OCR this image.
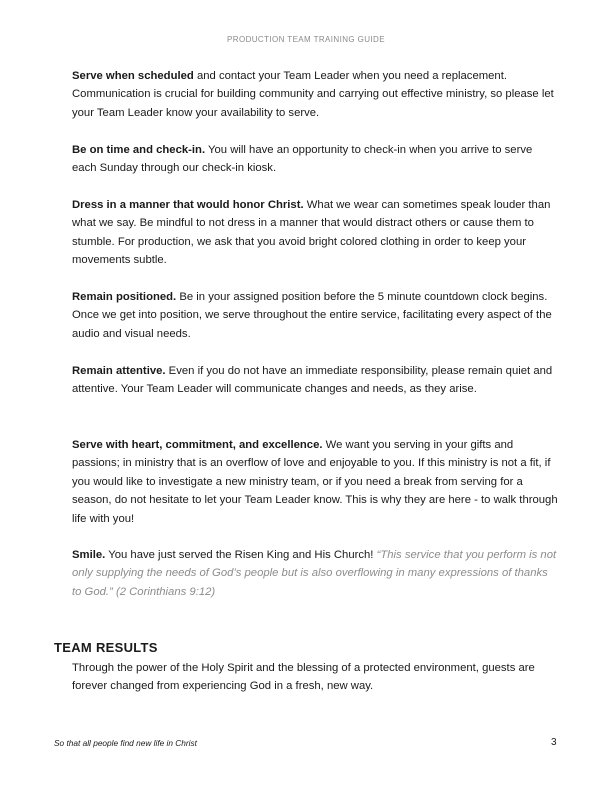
PRODUCTION TEAM TRAINING GUIDE
Serve when scheduled and contact your Team Leader when you need a replacement. Communication is crucial for building community and carrying out effective ministry, so please let your Team Leader know your availability to serve.
Be on time and check-in. You will have an opportunity to check-in when you arrive to serve each Sunday through our check-in kiosk.
Dress in a manner that would honor Christ. What we wear can sometimes speak louder than what we say. Be mindful to not dress in a manner that would distract others or cause them to stumble. For production, we ask that you avoid bright colored clothing in order to keep your movements subtle.
Remain positioned. Be in your assigned position before the 5 minute countdown clock begins. Once we get into position, we serve throughout the entire service, facilitating every aspect of the audio and visual needs.
Remain attentive. Even if you do not have an immediate responsibility, please remain quiet and attentive. Your Team Leader will communicate changes and needs, as they arise.
Serve with heart, commitment, and excellence. We want you serving in your gifts and passions; in ministry that is an overflow of love and enjoyable to you. If this ministry is not a fit, if you would like to investigate a new ministry team, or if you need a break from serving for a season, do not hesitate to let your Team Leader know. This is why they are here - to walk through life with you!
Smile. You have just served the Risen King and His Church! “This service that you perform is not only supplying the needs of God’s people but is also overflowing in many expressions of thanks to God.” (2 Corinthians 9:12)
TEAM RESULTS
Through the power of the Holy Spirit and the blessing of a protected environment, guests are forever changed from experiencing God in a fresh, new way.
So that all people find new life in Christ	3
